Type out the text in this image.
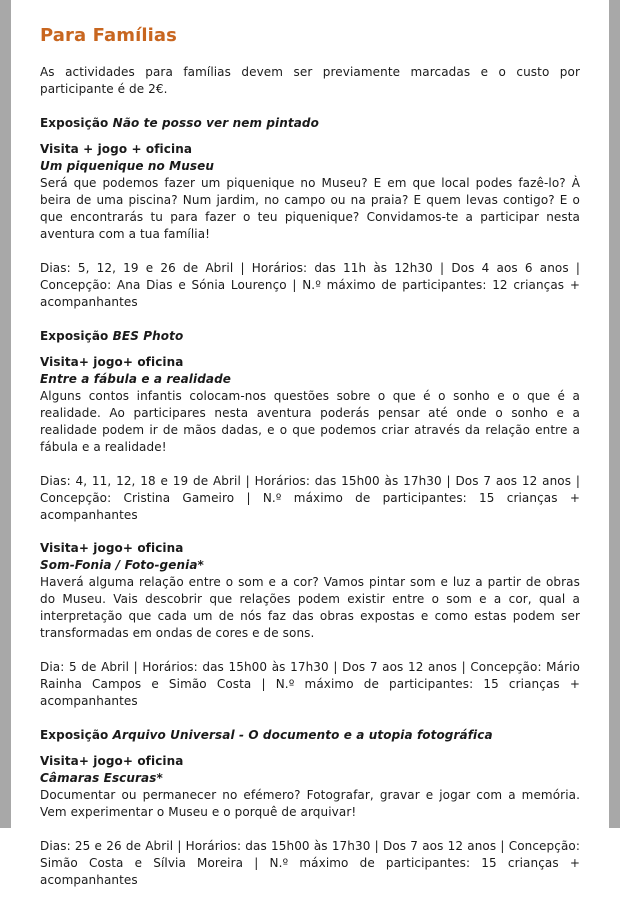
Para Famílias

As actividades para famílias devem ser previamente marcadas e o custo por participante é de 2€.

Exposição Não te posso ver nem pintado

Visita + jogo + oficina

Um piquenique no Museu

Será que podemos fazer um piquenique no Museu? E em que local podes fazê-lo? À beira de uma piscina? Num jardim, no campo ou na praia? E quem levas contigo? E o que encontrarás tu para fazer o teu piquenique? Convidamos-te a participar nesta aventura com a tua família!

Dias: 5, 12, 19 e 26 de Abril | Horários: das 11h às 12h30 | Dos 4 aos 6 anos | Concepção: Ana Dias e Sónia Lourenço | N.º máximo de participantes: 12 crianças + acompanhantes

Exposição BES Photo

Visita+ jogo+ oficina

Entre a fábula e a realidade

Alguns contos infantis colocam-nos questões sobre o que é o sonho e o que é a realidade. Ao participares nesta aventura poderás pensar até onde o sonho e a realidade podem ir de mãos dadas, e o que podemos criar através da relação entre a fábula e a realidade!

Dias: 4, 11, 12, 18 e 19 de Abril | Horários: das 15h00 às 17h30 | Dos 7 aos 12 anos | Concepção: Cristina Gameiro | N.º máximo de participantes: 15 crianças + acompanhantes

Visita+ jogo+ oficina

Som-Fonia / Foto-genia*

Haverá alguma relação entre o som e a cor? Vamos pintar som e luz a partir de obras do Museu. Vais descobrir que relações podem existir entre o som e a cor, qual a interpretação que cada um de nós faz das obras expostas e como estas podem ser transformadas em ondas de cores e de sons.

Dia: 5 de Abril | Horários: das 15h00 às 17h30 | Dos 7 aos 12 anos | Concepção: Mário Rainha Campos e Simão Costa | N.º máximo de participantes: 15 crianças + acompanhantes

Exposição Arquivo Universal - O documento e a utopia fotográfica

Visita+ jogo+ oficina

Câmaras Escuras*

Documentar ou permanecer no efémero? Fotografar, gravar e jogar com a memória. Vem experimentar o Museu e o porquê de arquivar!

Dias: 25 e 26 de Abril | Horários: das 15h00 às 17h30 | Dos 7 aos 12 anos | Concepção: Simão Costa e Sílvia Moreira | N.º máximo de participantes: 15 crianças + acompanhantes
